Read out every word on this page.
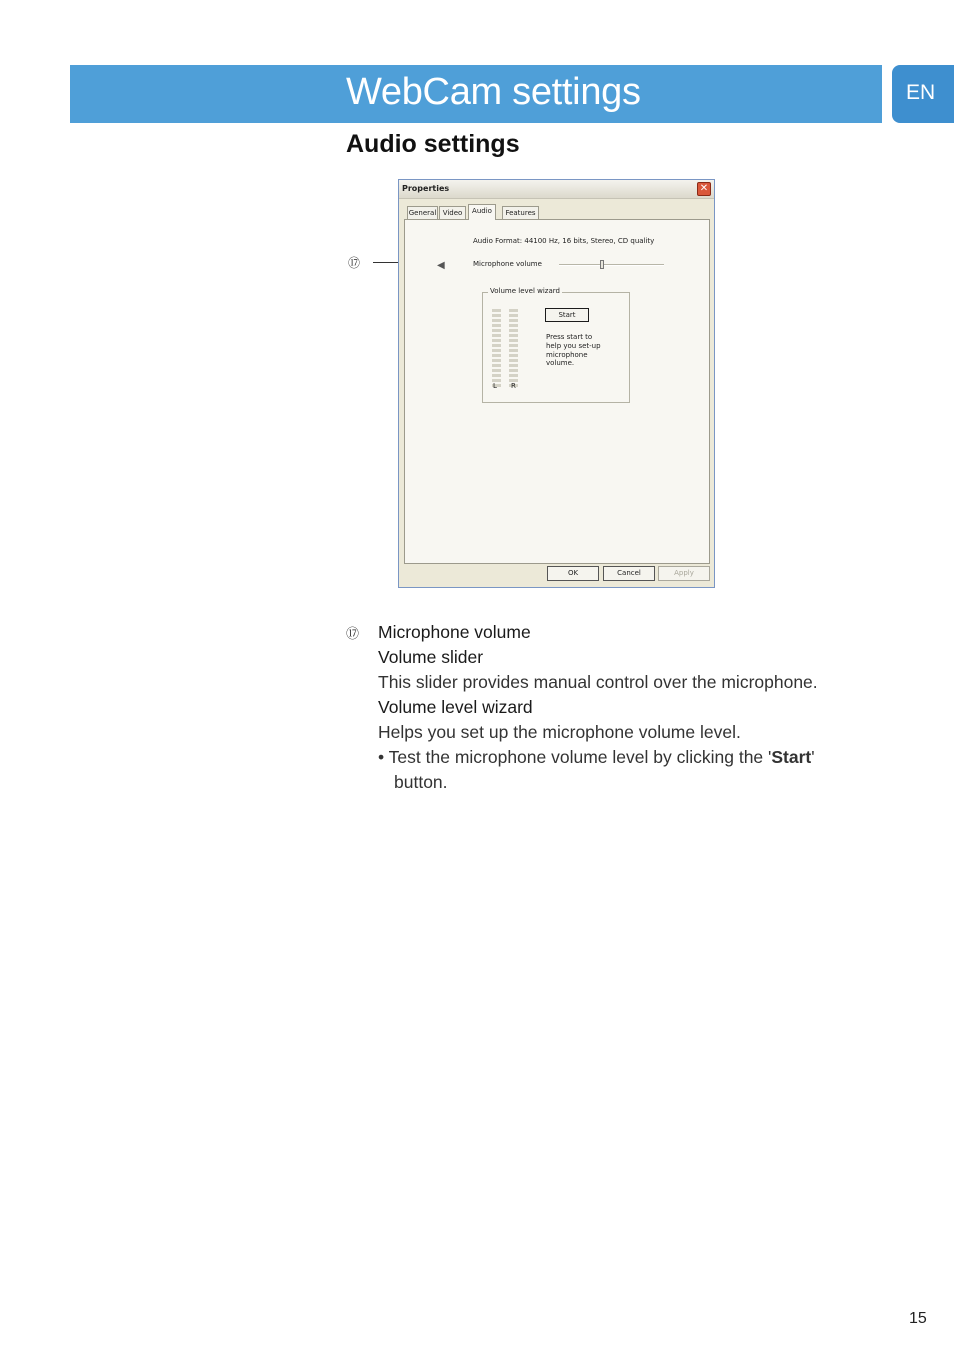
WebCam settings	EN
Audio settings
⑰
Properties	✕
General Video	Audio	Features
Audio Format: 44100 Hz, 16 bits, Stereo, CD quality
◀	Microphone volume
Volume level wizard
L R
Start
Press start to
help you set-up
microphone
volume.
OK	Cancel	Apply
⑰ Microphone volume
Volume slider
This slider provides manual control over the microphone.
Volume level wizard
Helps you set up the microphone volume level.
• Test the microphone volume level by clicking the 'Start'
button.
15
